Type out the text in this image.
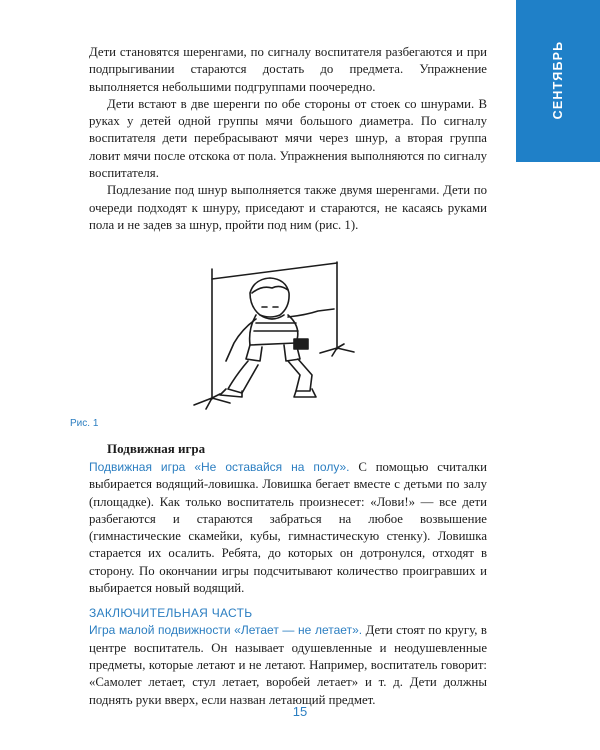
СЕНТЯБРЬ

Дети становятся шеренгами, по сигналу воспитателя разбегаются и при подпрыгивании стараются достать до предмета. Упражнение выполняется небольшими подгруппами поочередно.

Дети встают в две шеренги по обе стороны от стоек со шнурами. В руках у детей одной группы мячи большого диаметра. По сигналу воспитателя дети перебрасывают мячи через шнур, а вторая группа ловит мячи после отскока от пола. Упражнения выполняются по сигналу воспитателя.

Подлезание под шнур выполняется также двумя шеренгами. Дети по очереди подходят к шнуру, приседают и стараются, не касаясь руками пола и не задев за шнур, пройти под ним (рис. 1).

Рис. 1
Подвижная игра

Подвижная игра «Не оставайся на полу». С помощью считалки выбирается водящий-ловишка. Ловишка бегает вместе с детьми по залу (площадке). Как только воспитатель произнесет: «Лови!» — все дети разбегаются и стараются забраться на любое возвышение (гимнастические скамейки, кубы, гимнастическую стенку). Ловишка старается их осалить. Ребята, до которых он дотронулся, отходят в сторону. По окончании игры подсчитывают количество проигравших и выбирается новый водящий.

ЗАКЛЮЧИТЕЛЬНАЯ ЧАСТЬ

Игра малой подвижности «Летает — не летает». Дети стоят по кругу, в центре воспитатель. Он называет одушевленные и неодушевленные предметы, которые летают и не летают. Например, воспитатель говорит: «Самолет летает, стул летает, воробей летает» и т. д. Дети должны поднять руки вверх, если назван летающий предмет.

15
